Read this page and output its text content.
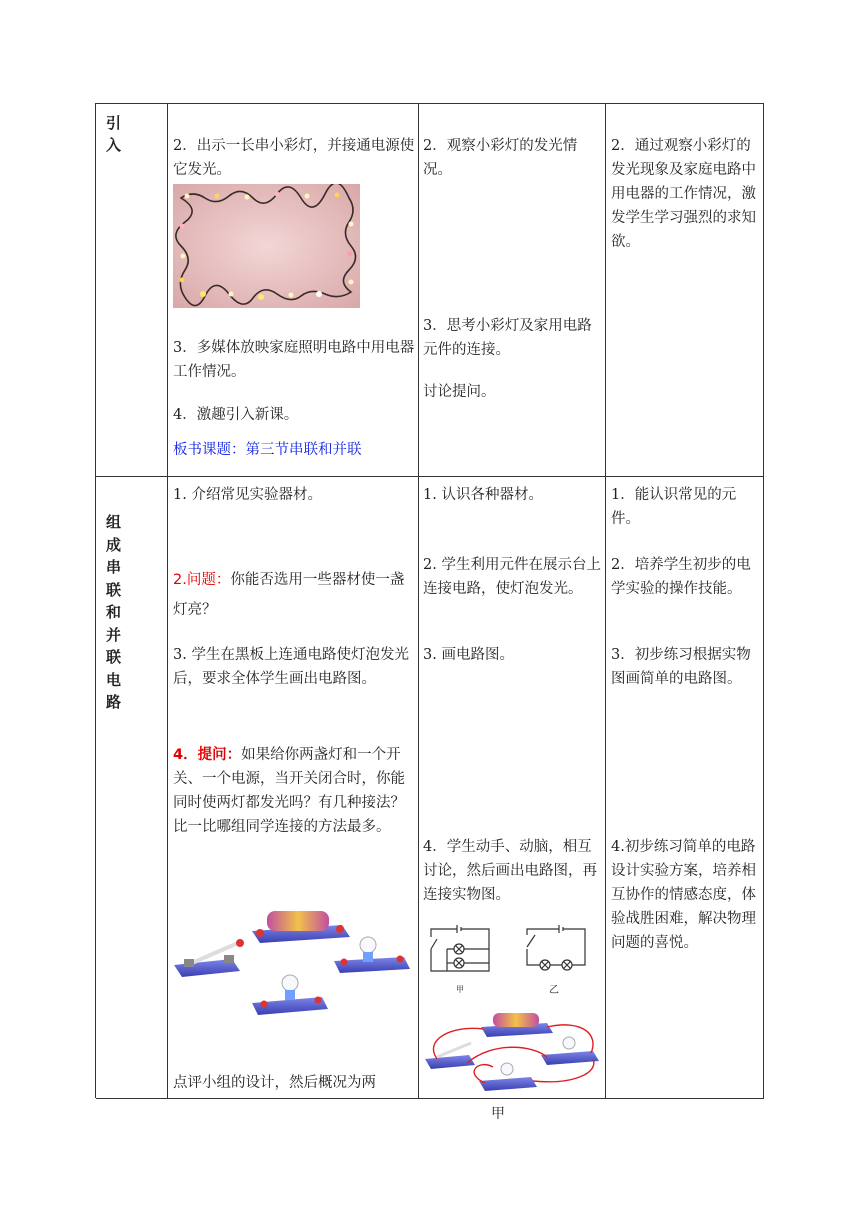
引
入	2．出示一长串小彩灯，并接通电源使它发光。
3．多媒体放映家庭照明电路中用电器工作情况。
4．激趣引入新课。
板书课题：第三节串联和并联
2．观察小彩灯的发光情况。
3．思考小彩灯及家用电路元件的连接。
讨论提问。
2．通过观察小彩灯的发光现象及家庭电路中用电器的工作情况，激发学生学习强烈的求知欲。
组
成
串
联
和
并
联
电
路
1. 介绍常见实验器材。
2.问题：你能否选用一些器材使一盏灯亮？
3. 学生在黑板上连通电路使灯泡发光后，要求全体学生画出电路图。
4．提问：如果给你两盏灯和一个开关、一个电源，当开关闭合时，你能同时使两灯都发光吗？有几种接法？比一比哪组同学连接的方法最多。
点评小组的设计，然后概况为两
1. 认识各种器材。
2. 学生利用元件在展示台上连接电路，使灯泡发光。
3. 画电路图。
4．学生动手、动脑，相互讨论，然后画出电路图，再连接实物图。
甲	乙
甲
1．能认识常见的元件。
2．培养学生初步的电学实验的操作技能。
3．初步练习根据实物图画简单的电路图。
4.初步练习简单的电路设计实验方案，培养相互协作的情感态度，体验战胜困难，解决物理问题的喜悦。
